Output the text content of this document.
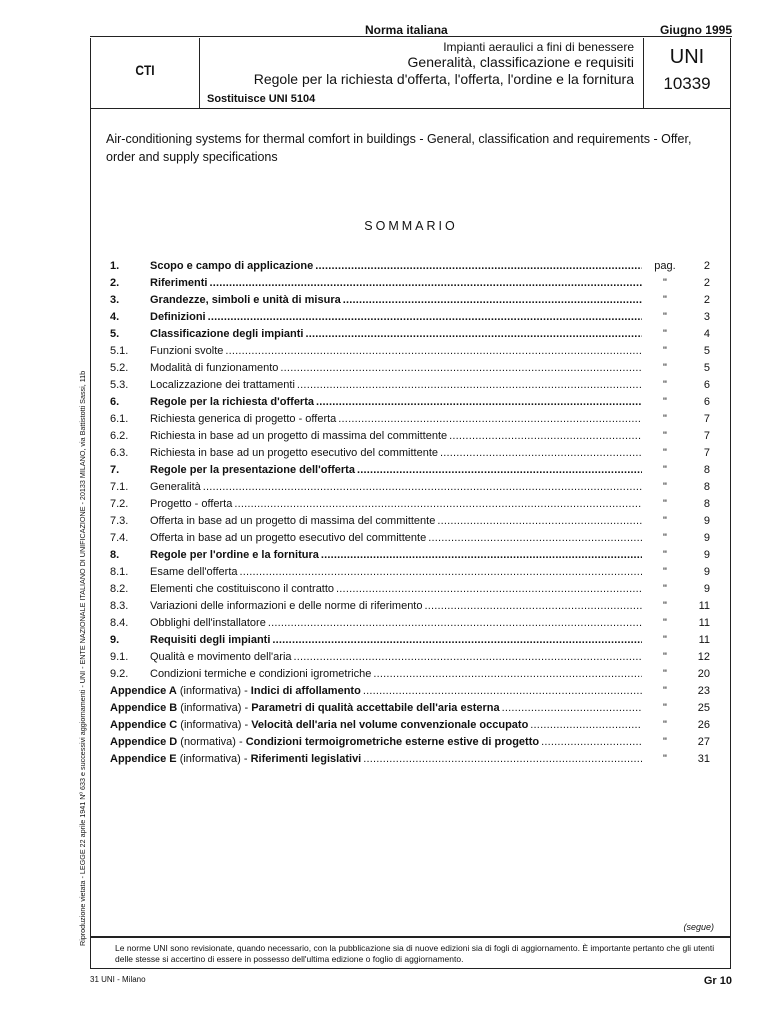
Norma italiana	Giugno 1995
CTI
Impianti aeraulici a fini di benessere
Generalità, classificazione e requisiti
Regole per la richiesta d'offerta, l'offerta, l'ordine e la fornitura
Sostituisce UNI 5104
UNI
10339
Air-conditioning systems for thermal comfort in buildings - General, classification and requirements - Offer, order and supply specifications
SOMMARIO
1.	Scopo e campo di applicazione .....	pag.	2
2.	Riferimenti .....	"	2
3.	Grandezze, simboli e unità di misura .....	"	2
4.	Definizioni .....	"	3
5.	Classificazione degli impianti .....	"	4
5.1. Funzioni svolte .....	"	5
5.2. Modalità di funzionamento .....	"	5
5.3. Localizzazione dei trattamenti .....	"	6
6.	Regole per la richiesta d'offerta .....	"	6
6.1. Richiesta generica di progetto - offerta .....	"	7
6.2. Richiesta in base ad un progetto di massima del committente .....	"	7
6.3. Richiesta in base ad un progetto esecutivo del committente .....	"	7
7.	Regole per la presentazione dell'offerta .....	"	8
7.1. Generalità .....	"	8
7.2. Progetto - offerta .....	"	8
7.3. Offerta in base ad un progetto di massima del committente .....	"	9
7.4. Offerta in base ad un progetto esecutivo del committente .....	"	9
8.	Regole per l'ordine e la fornitura .....	"	9
8.1. Esame dell'offerta .....	"	9
8.2. Elementi che costituiscono il contratto .....	"	9
8.3. Variazioni delle informazioni e delle norme di riferimento .....	"	11
8.4. Obblighi dell'installatore .....	"	11
9.	Requisiti degli impianti .....	"	11
9.1. Qualità e movimento dell'aria .....	"	12
9.2. Condizioni termiche e condizioni igrometriche .....	"	20
Appendice A (informativa) - Indici di affollamento .....	"	23
Appendice B (informativa) - Parametri di qualità accettabile dell'aria esterna .....	"	25
Appendice C (informativa) - Velocità dell'aria nel volume convenzionale occupato .....	"	26
Appendice D (normativa) - Condizioni termoigrometriche esterne estive di progetto .....	"	27
Appendice E (informativa) - Riferimenti legislativi .....	"	31
(segue)
Le norme UNI sono revisionate, quando necessario, con la pubblicazione sia di nuove edizioni sia di fogli di aggiornamento. È importante pertanto che gli utenti delle stesse si accertino di essere in possesso dell'ultima edizione o foglio di aggiornamento.
31 UNI - Milano	Gr 10
Riproduzione vietata - LEGGE 22 aprile 1941 Nº 633 e successivi aggiornamenti - UNI - ENTE NAZIONALE ITALIANO DI UNIFICAZIONE - 20133 MILANO, via Battistotti Sassi, 11b
